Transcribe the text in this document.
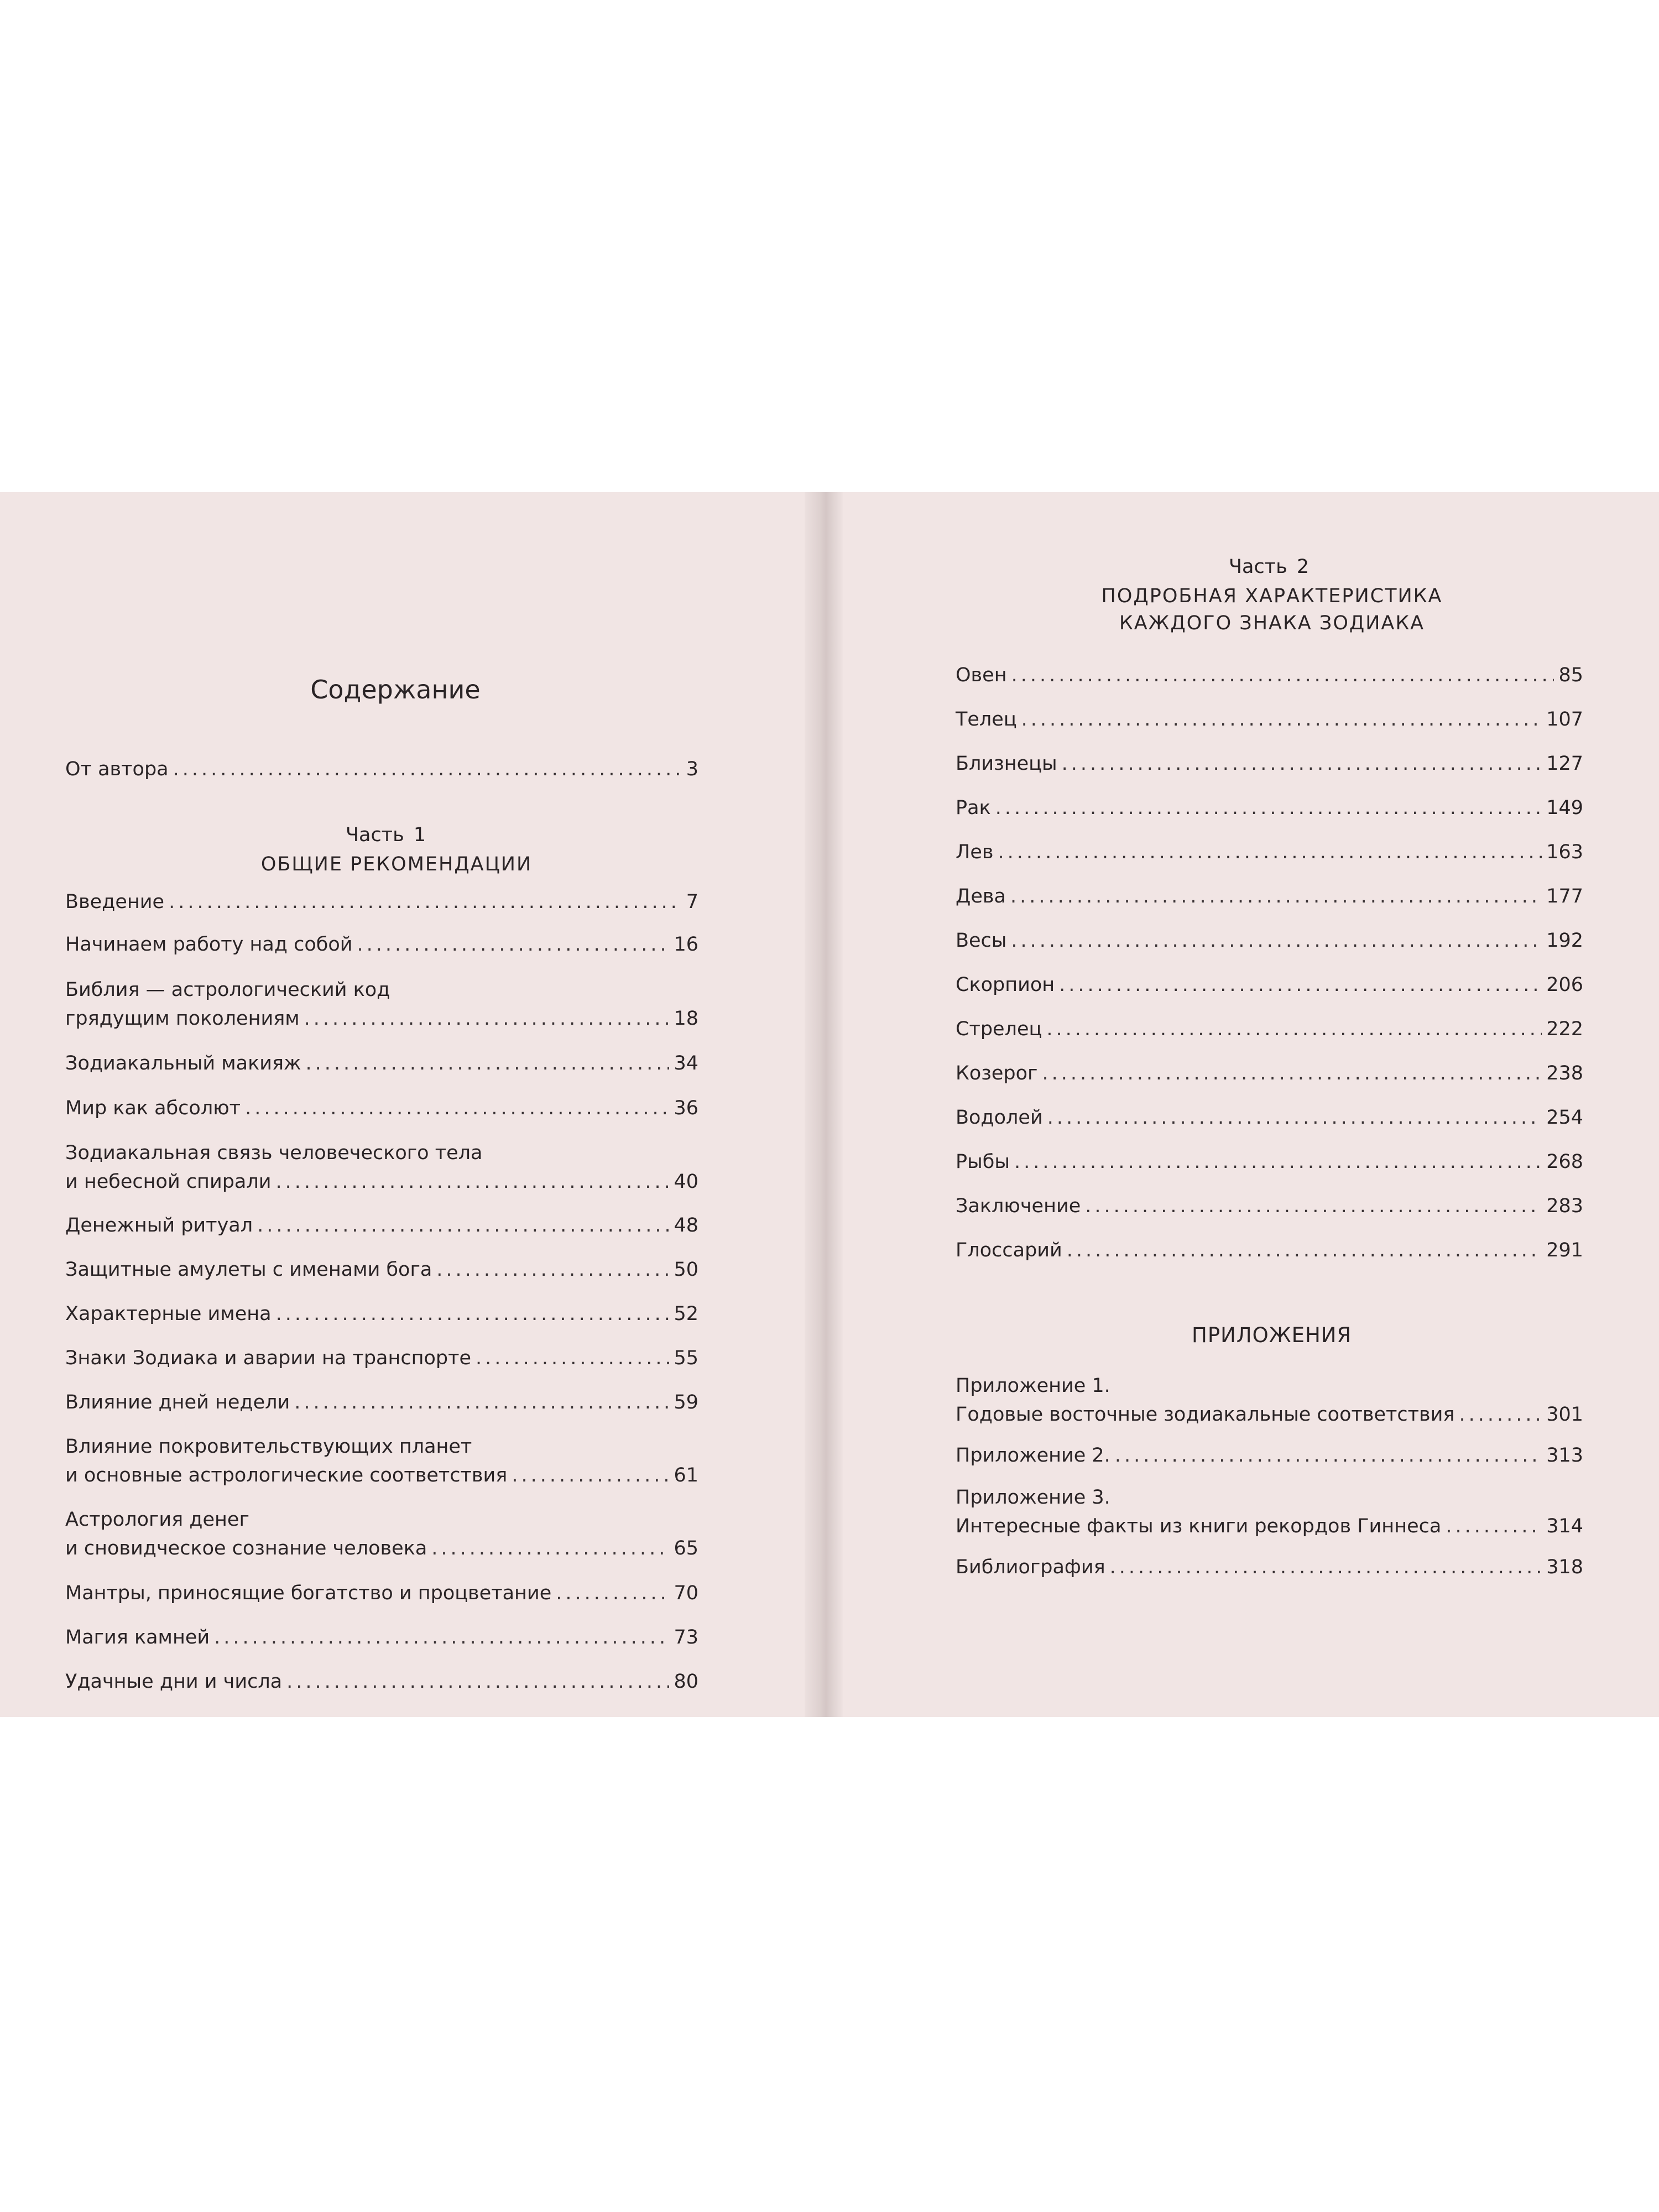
Содержание
От автора .....	3
Часть 1
ОБЩИЕ РЕКОМЕНДАЦИИ
Введение .....	7
Начинаем работу над собой .....	16
Библия — астрологический код
грядущим поколениям .....	18
Зодиакальный макияж .....	34
Мир как абсолют .....	36
Зодиакальная связь человеческого тела
и небесной спирали .....	40
Денежный ритуал .....	48
Защитные амулеты с именами бога .....	50
Характерные имена .....	52
Знаки Зодиака и аварии на транспорте .....	55
Влияние дней недели .....	59
Влияние покровительствующих планет
и основные астрологические соответствия .....	61
Астрология денег
и сновидческое сознание человека .....	65
Мантры, приносящие богатство и процветание .....	70
Магия камней .....	73
Удачные дни и числа .....	80
Часть 2
ПОДРОБНАЯ ХАРАКТЕРИСТИКА
КАЖДОГО ЗНАКА ЗОДИАКА
Овен .....	85
Телец .....	107
Близнецы .....	127
Рак .....	149
Лев .....	163
Дева .....	177
Весы .....	192
Скорпион .....	206
Стрелец .....	222
Козерог .....	238
Водолей .....	254
Рыбы .....	268
Заключение .....	283
Глоссарий .....	291
ПРИЛОЖЕНИЯ
Приложение 1.
Годовые восточные зодиакальные соответствия .....	301
Приложение 2. .....	313
Приложение 3.
Интересные факты из книги рекордов Гиннеса .....	314
Библиография .....	318
